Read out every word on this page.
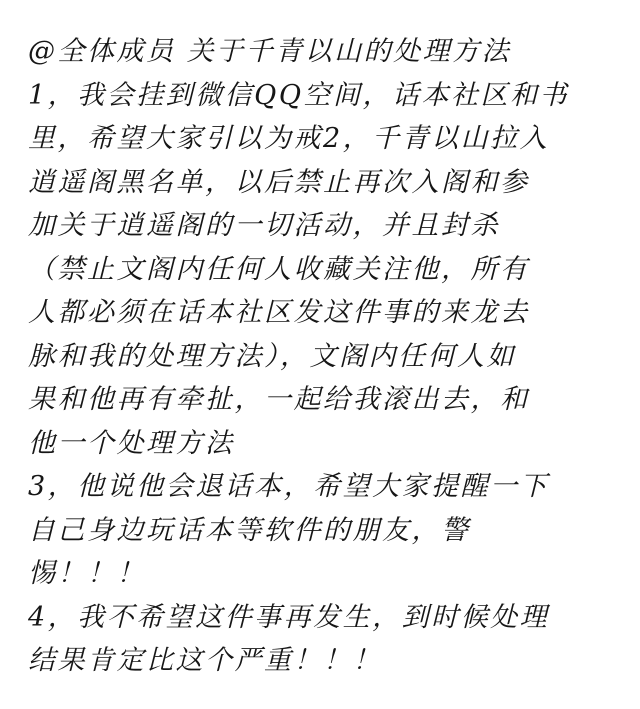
@全体成员 关于千青以山的处理方法
1，我会挂到微信QQ空间，话本社区和书
里，希望大家引以为戒2，千青以山拉入
逍遥阁黑名单，以后禁止再次入阁和参
加关于逍遥阁的一切活动，并且封杀
（禁止文阁内任何人收藏关注他，所有
人都必须在话本社区发这件事的来龙去
脉和我的处理方法），文阁内任何人如
果和他再有牵扯，一起给我滚出去，和
他一个处理方法
3，他说他会退话本，希望大家提醒一下
自己身边玩话本等软件的朋友，警
惕！！！
4，我不希望这件事再发生，到时候处理
结果肯定比这个严重！！！
